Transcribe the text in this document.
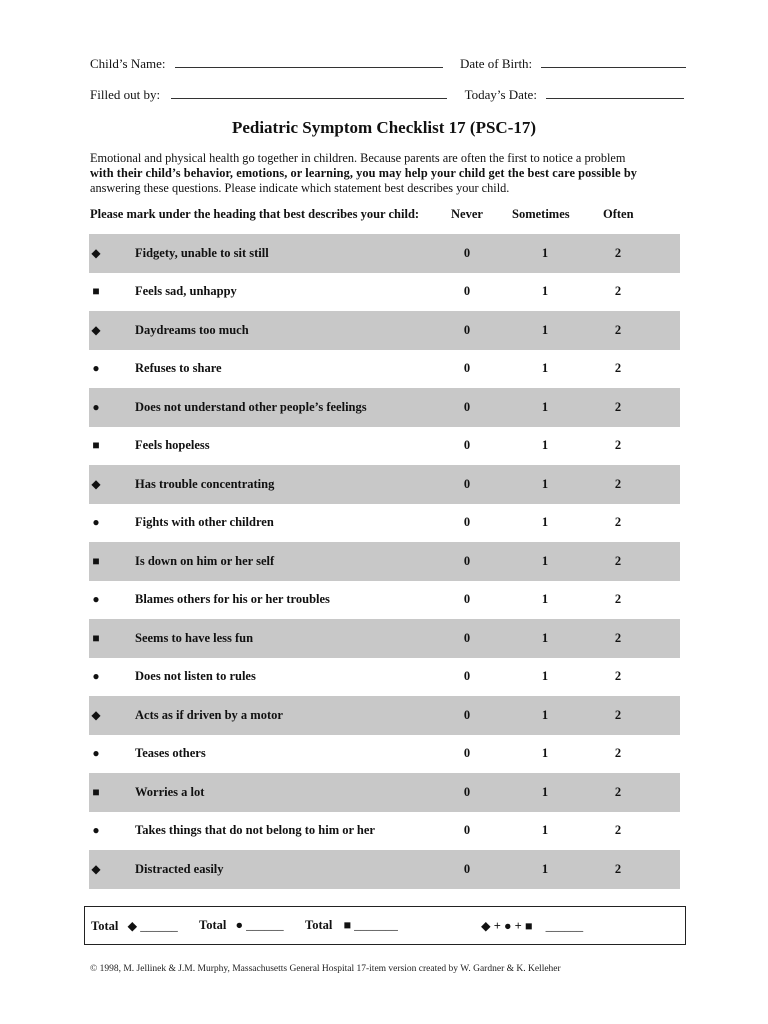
Child’s Name:	Date of Birth:
Filled out by:	Today’s Date:
Pediatric Symptom Checklist 17 (PSC-17)
Emotional and physical health go together in children. Because parents are often the first to notice a problem
with their child’s behavior, emotions, or learning, you may help your child get the best care possible by
answering these questions. Please indicate which statement best describes your child.
Please mark under the heading that best describes your child:	Never Sometimes	Often
◆	Fidgety, unable to sit still	0	1	2
■	Feels sad, unhappy	0	1	2
◆	Daydreams too much	0	1	2
●	Refuses to share	0	1	2
●	Does not understand other people’s feelings	0	1	2
■	Feels hopeless	0	1	2
◆	Has trouble concentrating	0	1	2
●	Fights with other children	0	1	2
■	Is down on him or her self	0	1	2
●	Blames others for his or her troubles	0	1	2
■	Seems to have less fun	0	1	2
●	Does not listen to rules	0	1	2
◆	Acts as if driven by a motor	0	1	2
●	Teases others	0	1	2
■	Worries a lot	0	1	2
●	Takes things that do not belong to him or her	0	1	2
◆	Distracted easily	0	1	2
Total ◆ ______ Total ● ______ Total ■ _______	◆ + ● + ■ ______
© 1998, M. Jellinek & J.M. Murphy, Massachusetts General Hospital 17-item version created by W. Gardner & K. Kelleher
